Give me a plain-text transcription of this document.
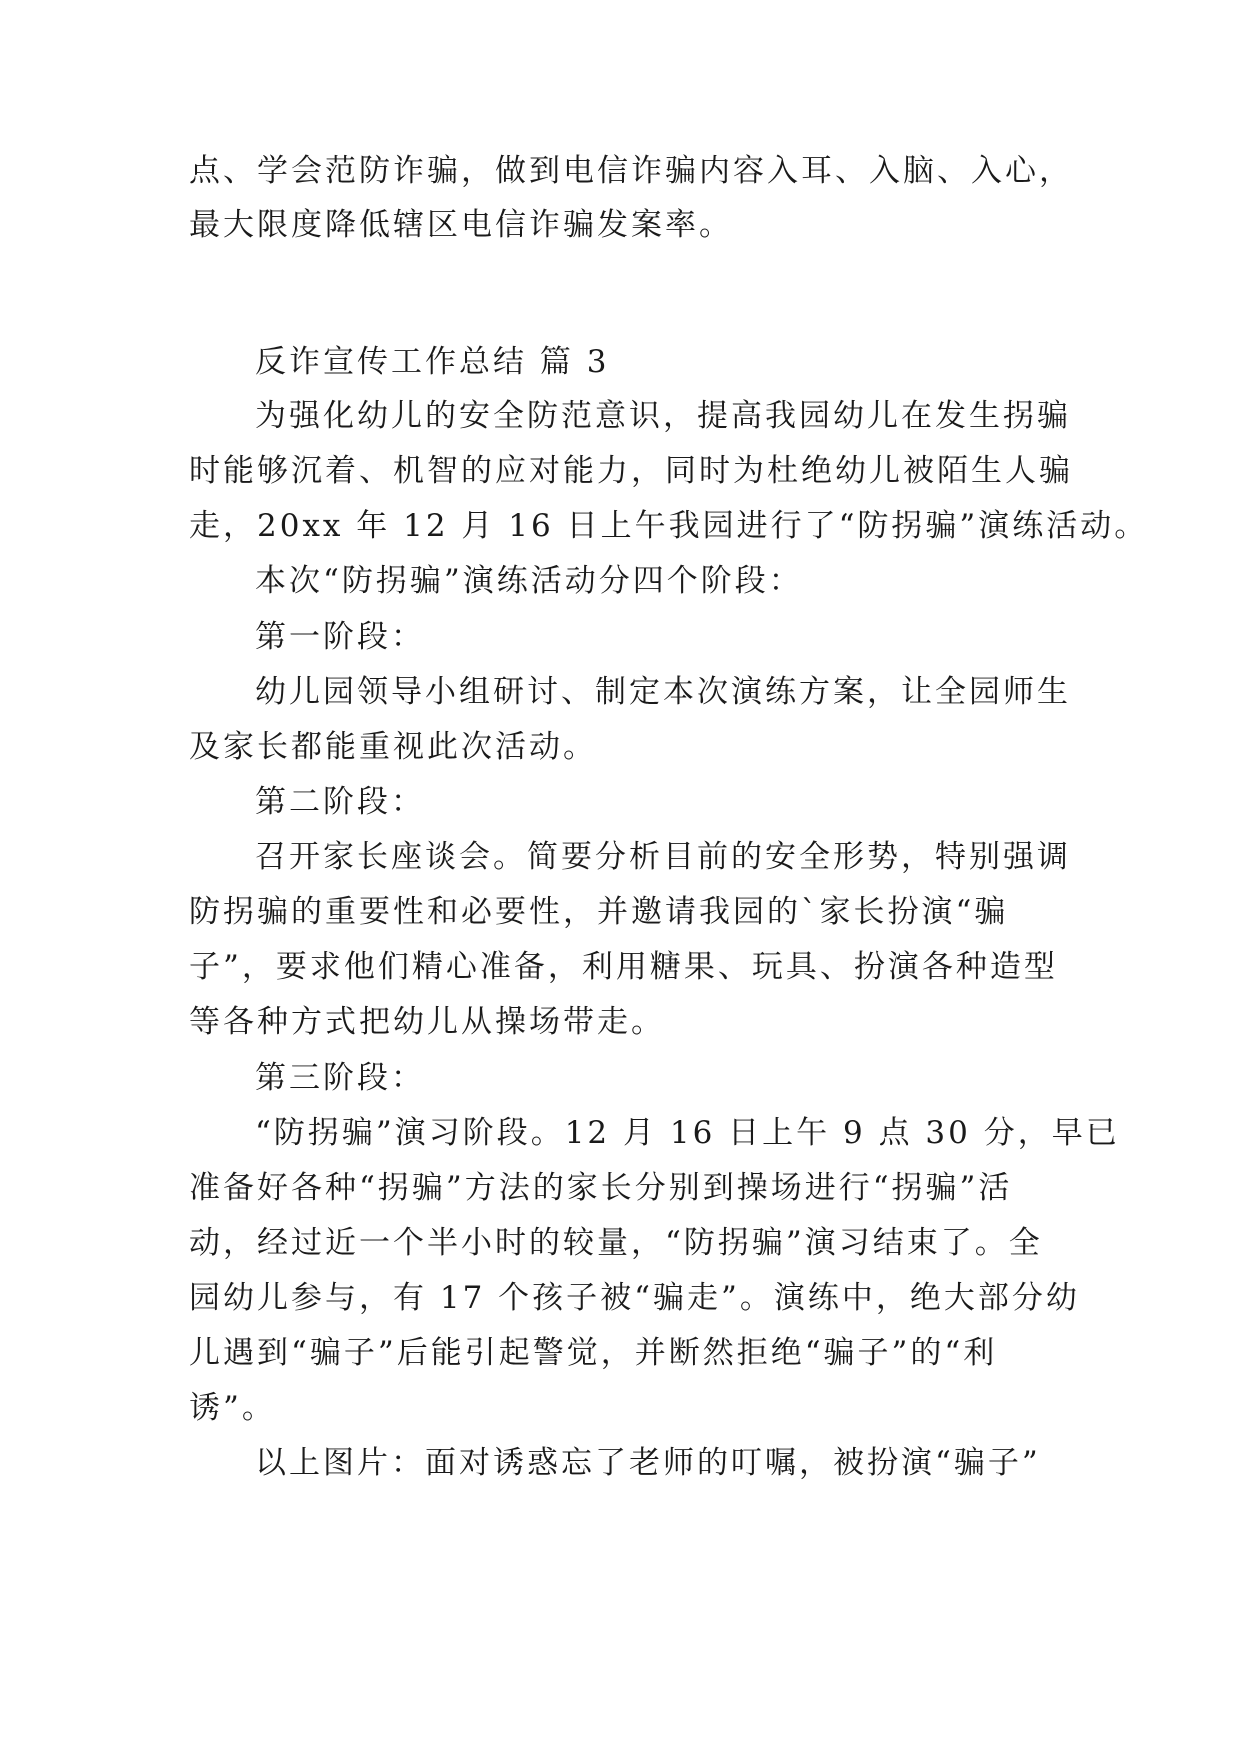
点、学会范防诈骗，做到电信诈骗内容入耳、入脑、入心，
最大限度降低辖区电信诈骗发案率。
反诈宣传工作总结 篇 3
为强化幼儿的安全防范意识，提高我园幼儿在发生拐骗
时能够沉着、机智的应对能力，同时为杜绝幼儿被陌生人骗
走，20xx 年 12 月 16 日上午我园进行了“防拐骗”演练活动。
本次“防拐骗”演练活动分四个阶段：
第一阶段：
幼儿园领导小组研讨、制定本次演练方案，让全园师生
及家长都能重视此次活动。
第二阶段：
召开家长座谈会。简要分析目前的安全形势，特别强调
防拐骗的重要性和必要性，并邀请我园的`家长扮演“骗
子”，要求他们精心准备，利用糖果、玩具、扮演各种造型
等各种方式把幼儿从操场带走。
第三阶段：
“防拐骗”演习阶段。12 月 16 日上午 9 点 30 分，早已
准备好各种“拐骗”方法的家长分别到操场进行“拐骗”活
动，经过近一个半小时的较量，“防拐骗”演习结束了。全
园幼儿参与，有 17 个孩子被“骗走”。演练中，绝大部分幼
儿遇到“骗子”后能引起警觉，并断然拒绝“骗子”的“利
诱”。
以上图片：面对诱惑忘了老师的叮嘱，被扮演“骗子”
